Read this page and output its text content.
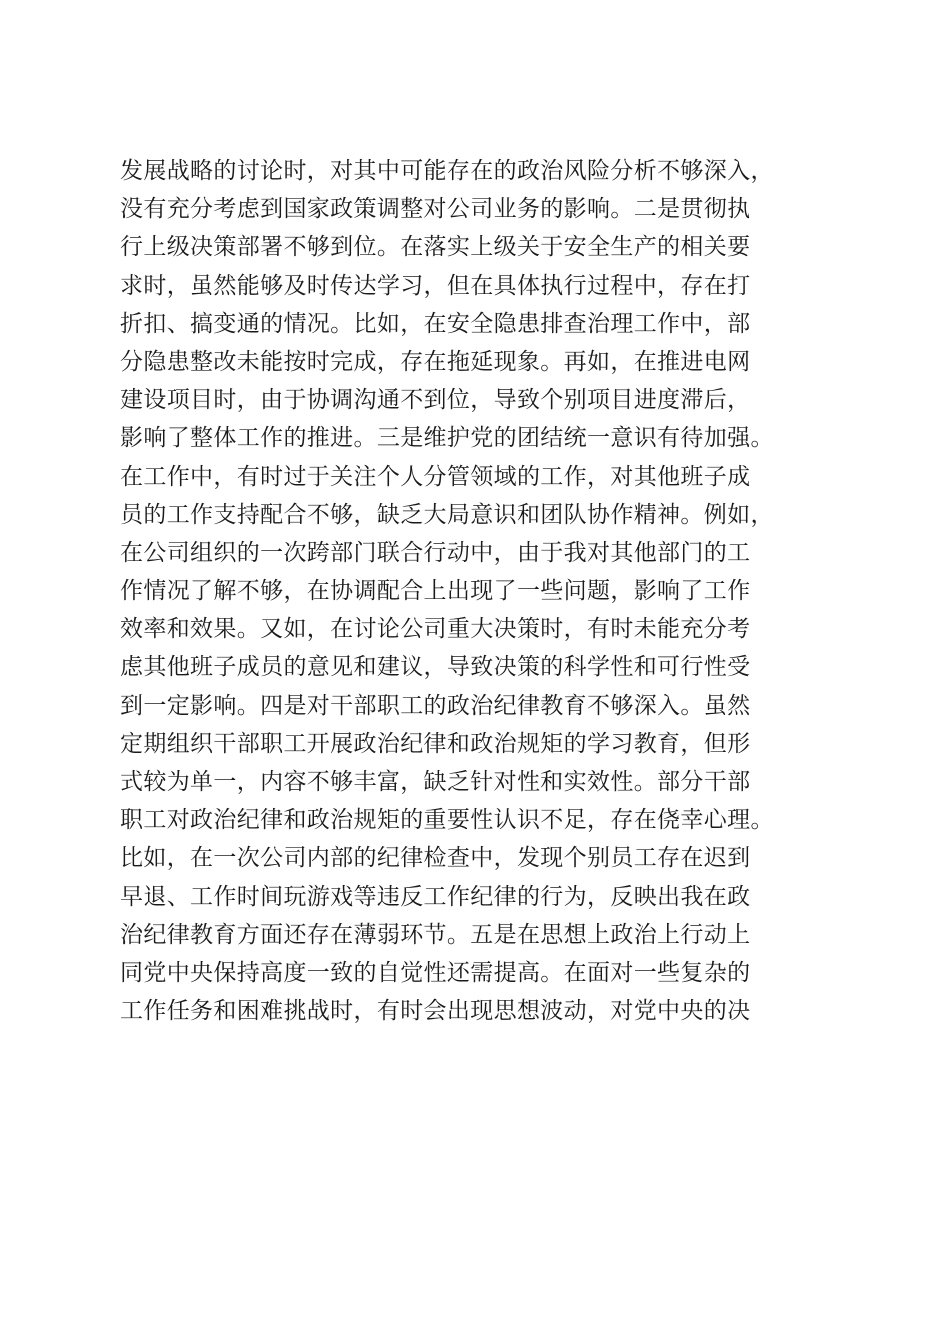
发展战略的讨论时，对其中可能存在的政治风险分析不够深入，
没有充分考虑到国家政策调整对公司业务的影响。二是贯彻执
行上级决策部署不够到位。在落实上级关于安全生产的相关要
求时，虽然能够及时传达学习，但在具体执行过程中，存在打
折扣、搞变通的情况。比如，在安全隐患排查治理工作中，部
分隐患整改未能按时完成，存在拖延现象。再如，在推进电网
建设项目时，由于协调沟通不到位，导致个别项目进度滞后，
影响了整体工作的推进。三是维护党的团结统一意识有待加强。
在工作中，有时过于关注个人分管领域的工作，对其他班子成
员的工作支持配合不够，缺乏大局意识和团队协作精神。例如，
在公司组织的一次跨部门联合行动中，由于我对其他部门的工
作情况了解不够，在协调配合上出现了一些问题，影响了工作
效率和效果。又如，在讨论公司重大决策时，有时未能充分考
虑其他班子成员的意见和建议，导致决策的科学性和可行性受
到一定影响。四是对干部职工的政治纪律教育不够深入。虽然
定期组织干部职工开展政治纪律和政治规矩的学习教育，但形
式较为单一，内容不够丰富，缺乏针对性和实效性。部分干部
职工对政治纪律和政治规矩的重要性认识不足，存在侥幸心理。
比如，在一次公司内部的纪律检查中，发现个别员工存在迟到
早退、工作时间玩游戏等违反工作纪律的行为，反映出我在政
治纪律教育方面还存在薄弱环节。五是在思想上政治上行动上
同党中央保持高度一致的自觉性还需提高。在面对一些复杂的
工作任务和困难挑战时，有时会出现思想波动，对党中央的决
